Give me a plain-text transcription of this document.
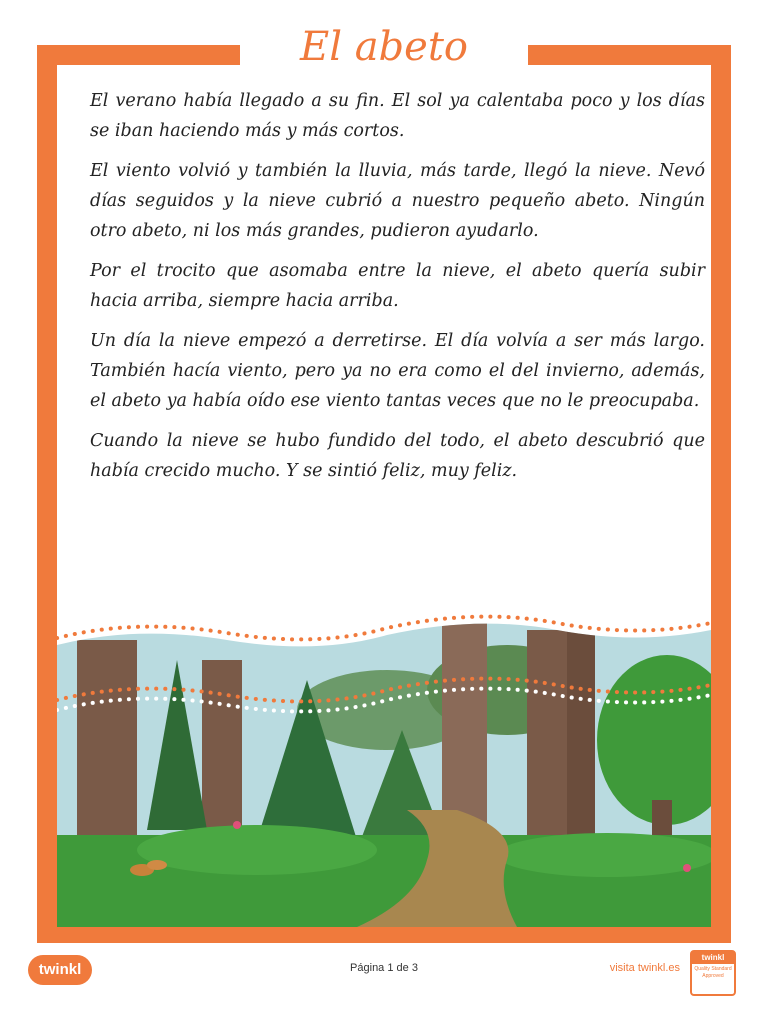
El abeto

El verano había llegado a su fin. El sol ya calentaba poco y los días se iban haciendo más y más cortos.

El viento volvió y también la lluvia, más tarde, llegó la nieve. Nevó días seguidos y la nieve cubrió a nuestro pequeño abeto. Ningún otro abeto, ni los más grandes, pudieron ayudarlo.

Por el trocito que asomaba entre la nieve, el abeto quería subir hacia arriba, siempre hacia arriba.

Un día la nieve empezó a derretirse. El día volvía a ser más largo. También hacía viento, pero ya no era como el del invierno, además, el abeto ya había oído ese viento tantas veces que no le preocupaba.

Cuando la nieve se hubo fundido del todo, el abeto descubrió que había crecido mucho. Y se sintió feliz, muy feliz.

twinkl	Página 1 de 3	visita twinkl.es
twinkl
Quality Standard Approved
